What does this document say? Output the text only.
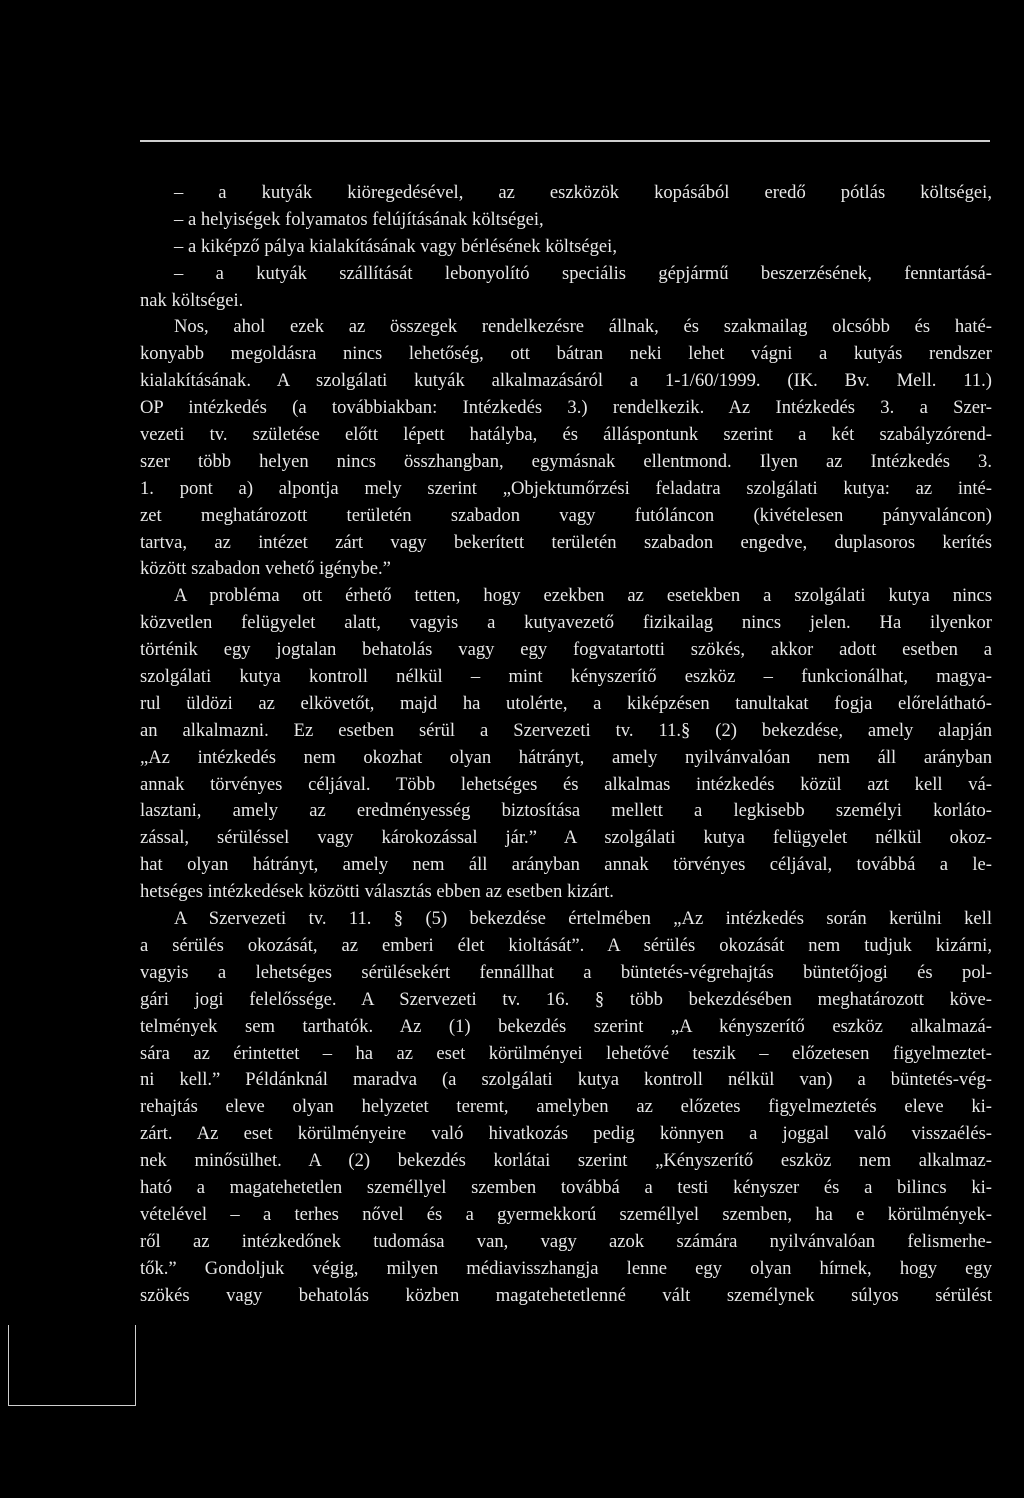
– a kutyák kiöregedésével, az eszközök kopásából eredő pótlás költségei,
– a helyiségek folyamatos felújításának költségei,
– a kiképző pálya kialakításának vagy bérlésének költségei,
– a kutyák szállítását lebonyolító speciális gépjármű beszerzésének, fenntartásá-
nak költségei.
Nos, ahol ezek az összegek rendelkezésre állnak, és szakmailag olcsóbb és haté-
konyabb megoldásra nincs lehetőség, ott bátran neki lehet vágni a kutyás rendszer
kialakításának. A szolgálati kutyák alkalmazásáról a 1-1/60/1999. (IK. Bv. Mell. 11.)
OP intézkedés (a továbbiakban: Intézkedés 3.) rendelkezik. Az Intézkedés 3. a Szer-
vezeti tv. születése előtt lépett hatályba, és álláspontunk szerint a két szabályzórend-
szer több helyen nincs összhangban, egymásnak ellentmond. Ilyen az Intézkedés 3.
1. pont a) alpontja mely szerint „Objektumőrzési feladatra szolgálati kutya: az inté-
zet meghatározott területén szabadon vagy futóláncon (kivételesen pányvaláncon)
tartva, az intézet zárt vagy bekerített területén szabadon engedve, duplasoros kerítés
között szabadon vehető igénybe.”
A probléma ott érhető tetten, hogy ezekben az esetekben a szolgálati kutya nincs
közvetlen felügyelet alatt, vagyis a kutyavezető fizikailag nincs jelen. Ha ilyenkor
történik egy jogtalan behatolás vagy egy fogvatartotti szökés, akkor adott esetben a
szolgálati kutya kontroll nélkül – mint kényszerítő eszköz – funkcionálhat, magya-
rul üldözi az elkövetőt, majd ha utolérte, a kiképzésen tanultakat fogja előrelátható-
an alkalmazni. Ez esetben sérül a Szervezeti tv. 11.§ (2) bekezdése, amely alapján
„Az intézkedés nem okozhat olyan hátrányt, amely nyilvánvalóan nem áll arányban
annak törvényes céljával. Több lehetséges és alkalmas intézkedés közül azt kell vá-
lasztani, amely az eredményesség biztosítása mellett a legkisebb személyi korláto-
zással, sérüléssel vagy károkozással jár.” A szolgálati kutya felügyelet nélkül okoz-
hat olyan hátrányt, amely nem áll arányban annak törvényes céljával, továbbá a le-
hetséges intézkedések közötti választás ebben az esetben kizárt.
A Szervezeti tv. 11. § (5) bekezdése értelmében „Az intézkedés során kerülni kell
a sérülés okozását, az emberi élet kioltását”. A sérülés okozását nem tudjuk kizárni,
vagyis a lehetséges sérülésekért fennállhat a büntetés-végrehajtás büntetőjogi és pol-
gári jogi felelőssége. A Szervezeti tv. 16. § több bekezdésében meghatározott köve-
telmények sem tarthatók. Az (1) bekezdés szerint „A kényszerítő eszköz alkalmazá-
sára az érintettet – ha az eset körülményei lehetővé teszik – előzetesen figyelmeztet-
ni kell.” Példánknál maradva (a szolgálati kutya kontroll nélkül van) a büntetés-vég-
rehajtás eleve olyan helyzetet teremt, amelyben az előzetes figyelmeztetés eleve ki-
zárt. Az eset körülményeire való hivatkozás pedig könnyen a joggal való visszaélés-
nek minősülhet. A (2) bekezdés korlátai szerint „Kényszerítő eszköz nem alkalmaz-
ható a magatehetetlen személlyel szemben továbbá a testi kényszer és a bilincs ki-
vételével – a terhes nővel és a gyermekkorú személlyel szemben, ha e körülmények-
ről az intézkedőnek tudomása van, vagy azok számára nyilvánvalóan felismerhe-
tők.” Gondoljuk végig, milyen médiavisszhangja lenne egy olyan hírnek, hogy egy
szökés vagy behatolás közben magatehetetlenné vált személynek súlyos sérülést
